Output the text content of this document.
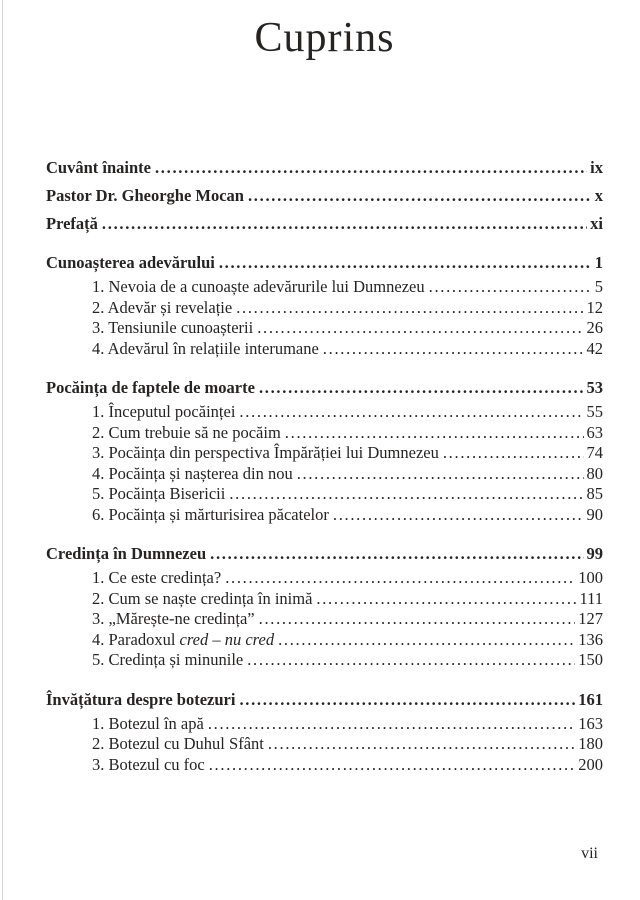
Cuprins
Cuvânt înainte .....	ix
Pastor Dr. Gheorghe Mocan .....	x
Prefață .....	xi
Cunoașterea adevărului .....	1
1. Nevoia de a cunoaște adevărurile lui Dumnezeu .....	5
2. Adevăr și revelație .....	12
3. Tensiunile cunoașterii .....	26
4. Adevărul în relațiile interumane .....	42
Pocăința de faptele de moarte .....	53
1. Începutul pocăinței .....	55
2. Cum trebuie să ne pocăim .....	63
3. Pocăința din perspectiva Împărăției lui Dumnezeu .....	74
4. Pocăința și nașterea din nou .....	80
5. Pocăința Bisericii .....	85
6. Pocăința și mărturisirea păcatelor .....	90
Credința în Dumnezeu .....	99
1. Ce este credința? .....	100
2. Cum se naște credința în inimă .....	111
3. „Mărește-ne credința” .....	127
4. Paradoxul cred – nu cred .....	136
5. Credința și minunile .....	150
Învățătura despre botezuri .....	161
1. Botezul în apă .....	163
2. Botezul cu Duhul Sfânt .....	180
3. Botezul cu foc .....	200
vii
